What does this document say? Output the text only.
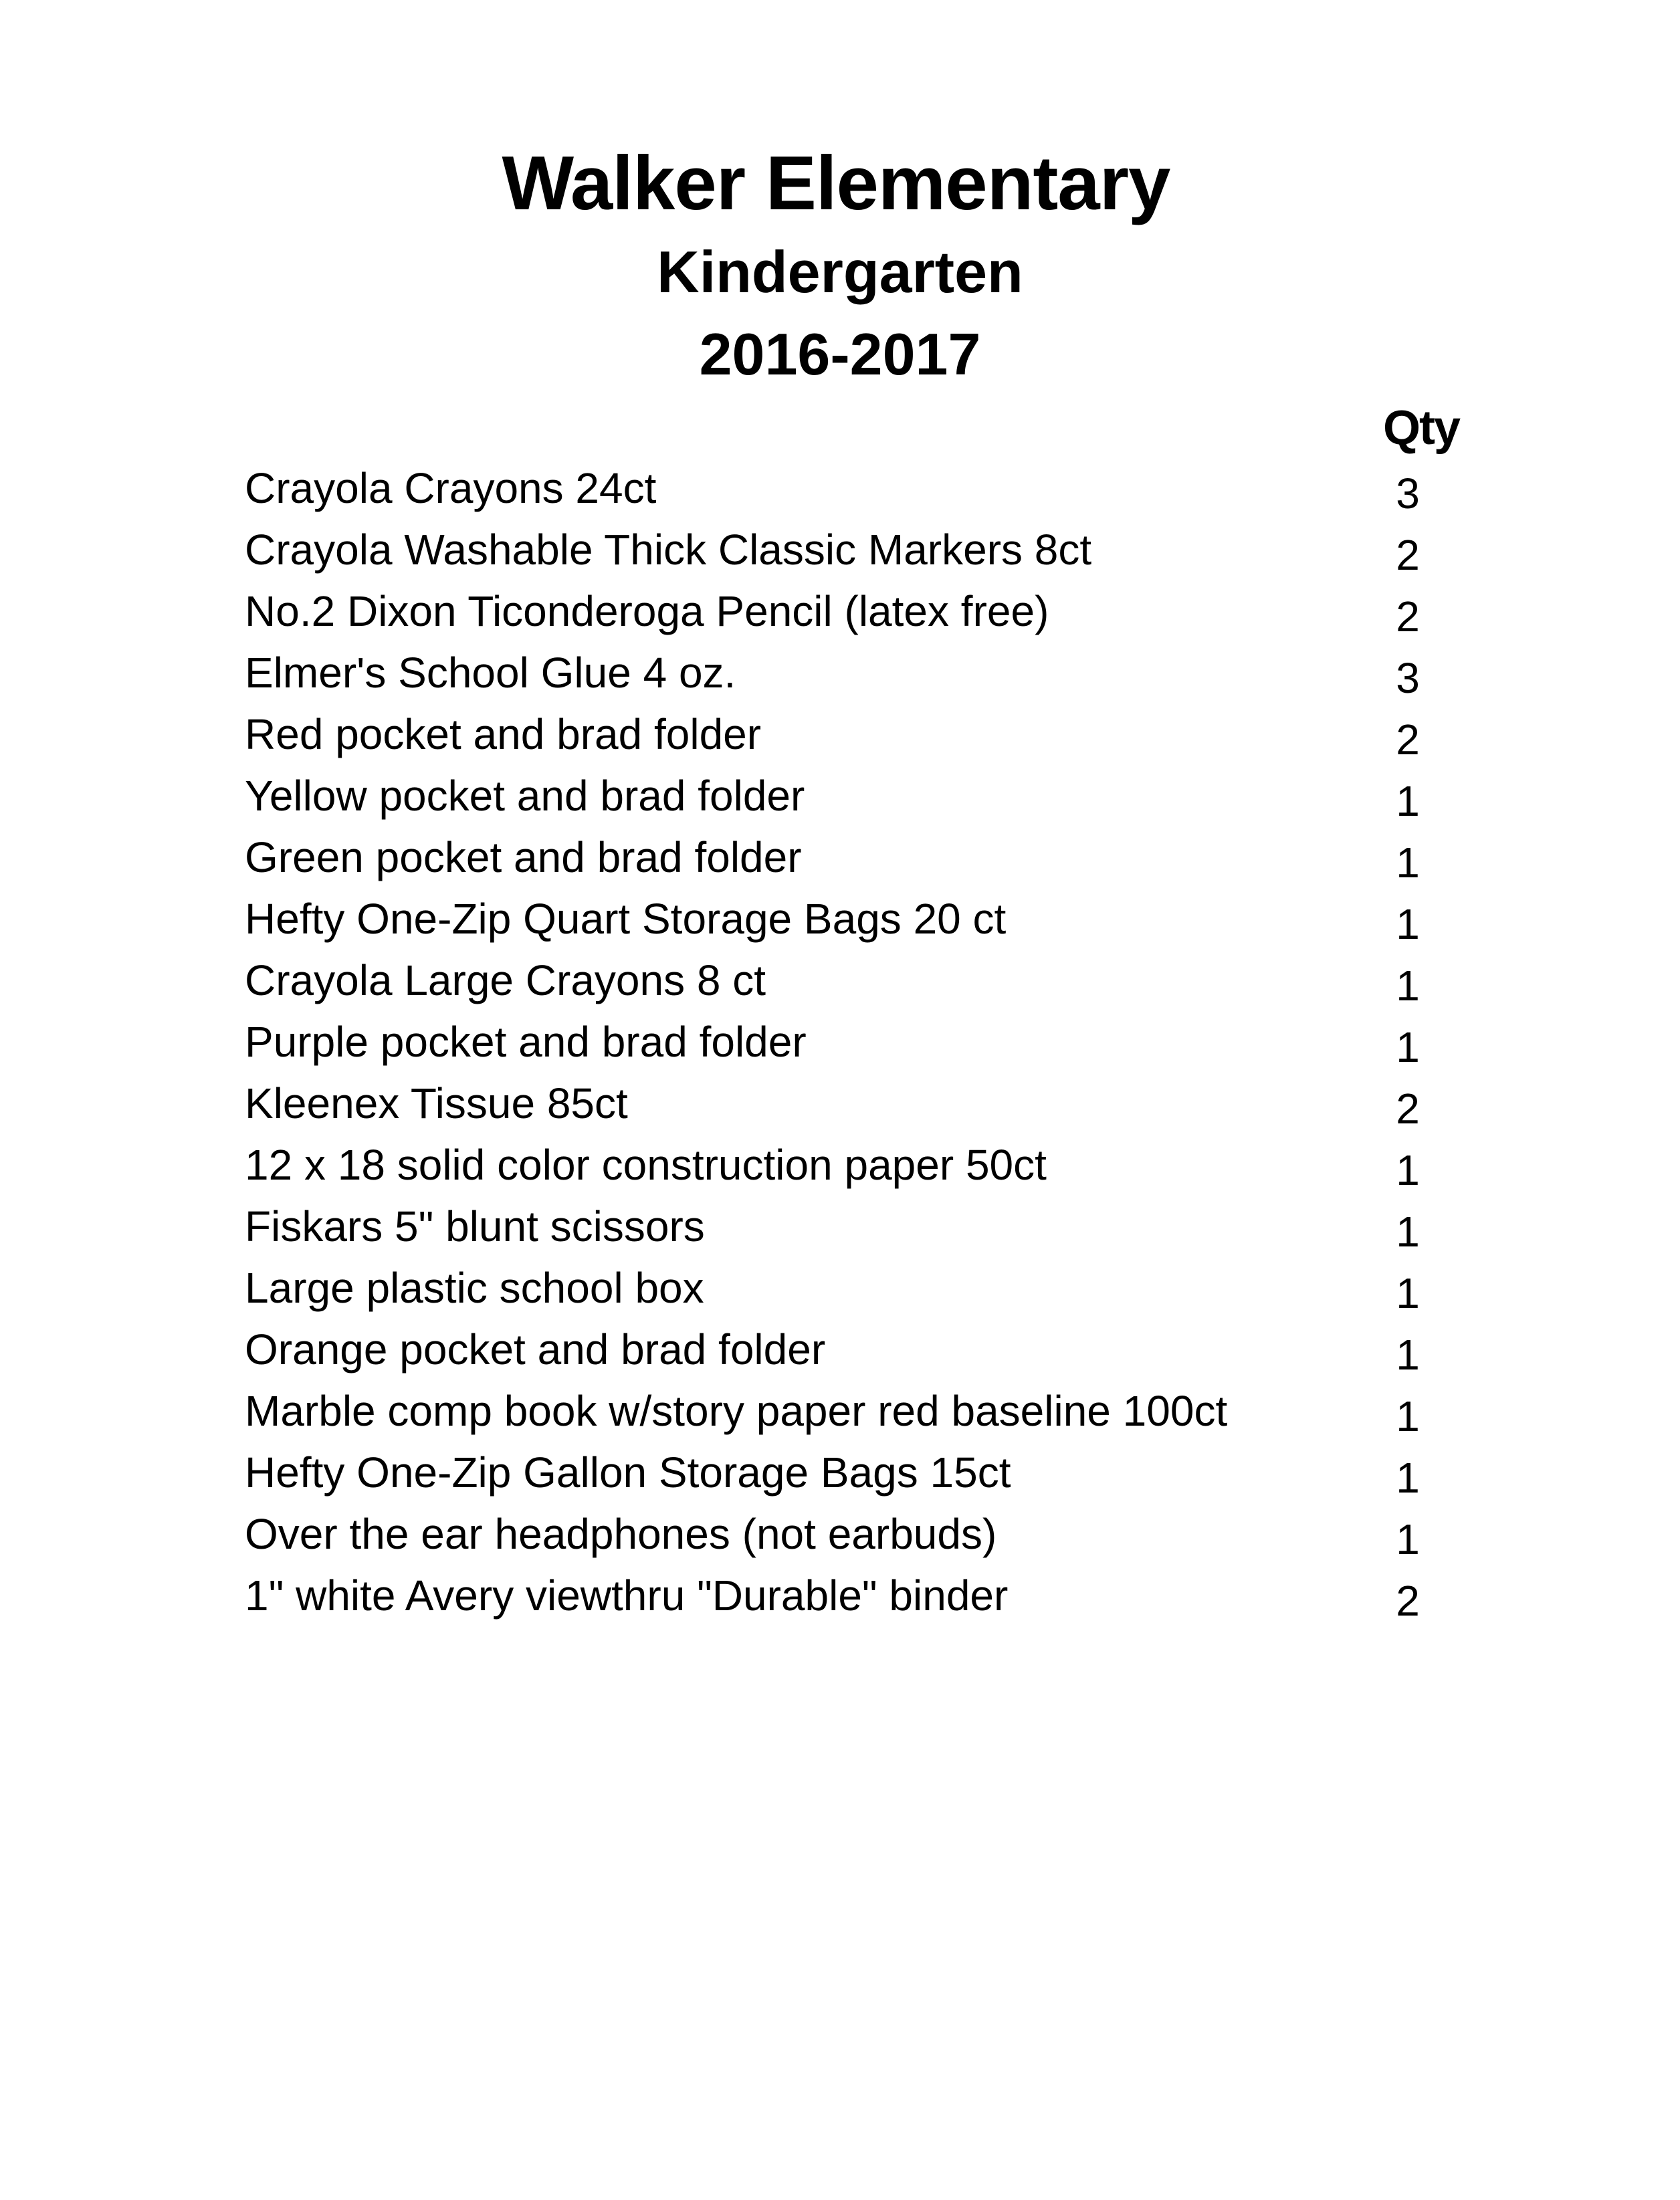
Walker Elementary
Kindergarten
2016-2017
Qty
Crayola Crayons 24ct	3
Crayola Washable Thick Classic Markers 8ct	2
No.2 Dixon Ticonderoga Pencil (latex free)	2
Elmer's School Glue 4 oz.	3
Red pocket and brad folder	2
Yellow pocket and brad folder	1
Green pocket and brad folder	1
Hefty One-Zip Quart Storage Bags 20 ct	1
Crayola Large Crayons 8 ct	1
Purple pocket and brad folder	1
Kleenex Tissue 85ct	2
12 x 18 solid color construction paper 50ct	1
Fiskars 5" blunt scissors	1
Large plastic school box	1
Orange pocket and brad folder	1
Marble comp book w/story paper red baseline 100ct	1
Hefty One-Zip Gallon Storage Bags 15ct	1
Over the ear headphones (not earbuds)	1
1" white Avery viewthru "Durable" binder	2
